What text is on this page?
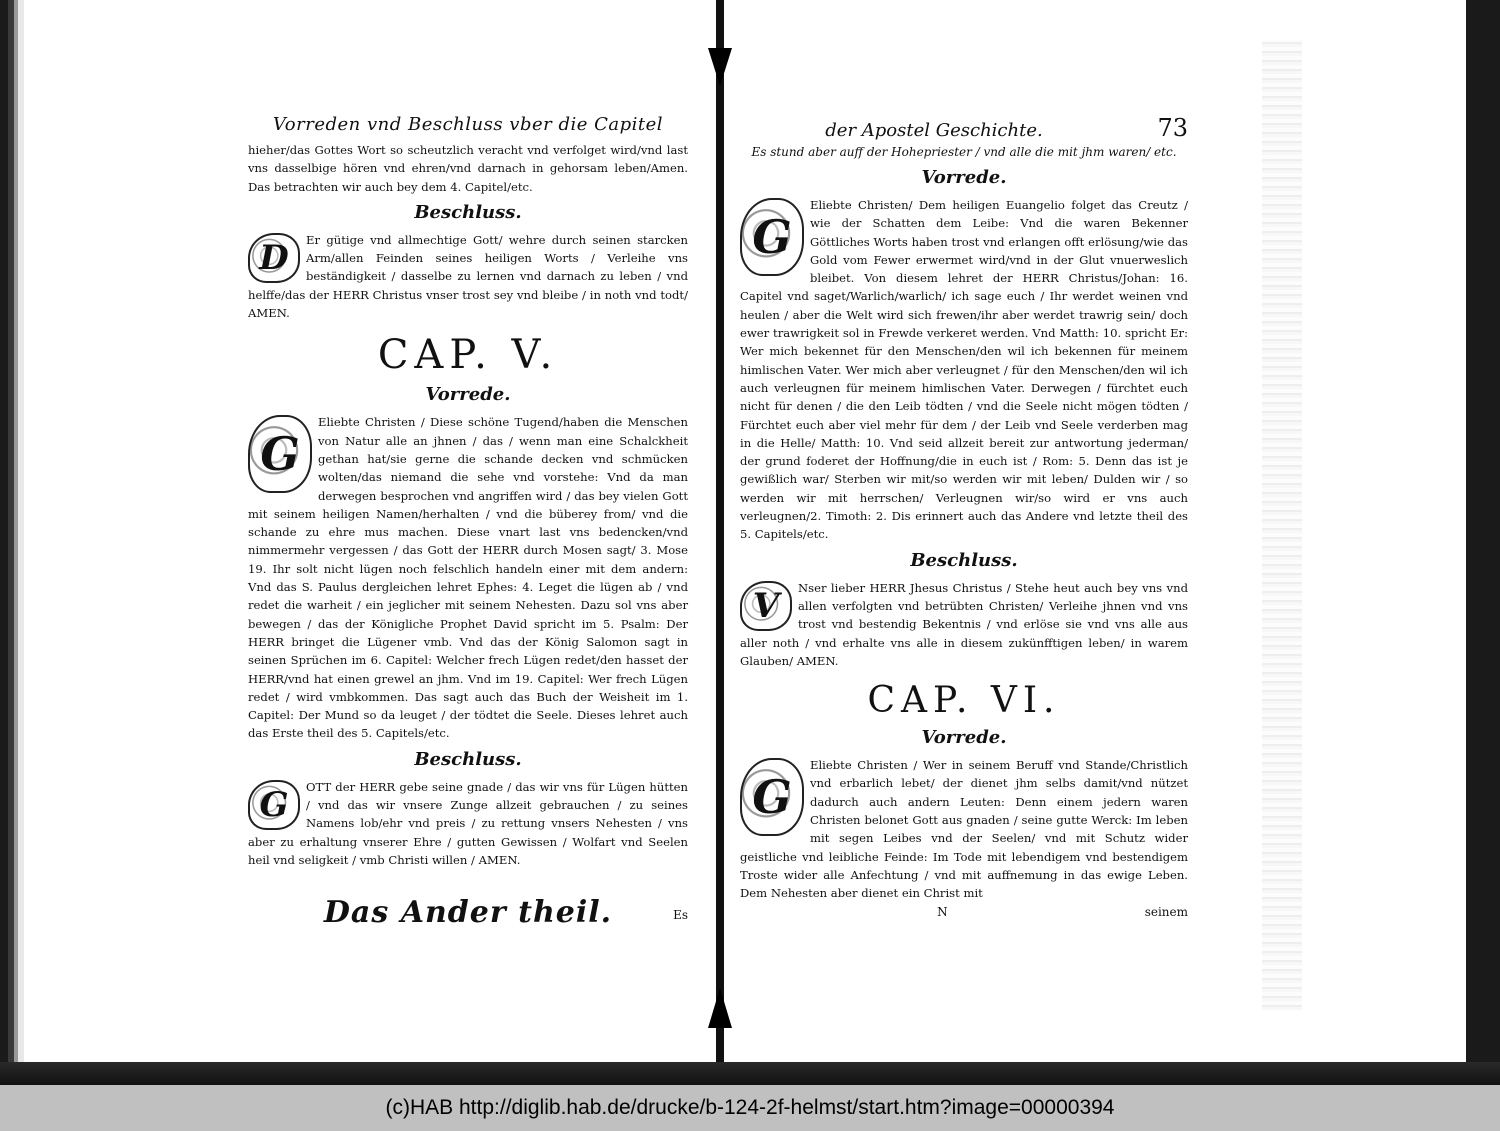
Vorreden vnd Beschluss vber die Capitel

hieher/das Gottes Wort so scheutzlich veracht vnd verfolget wird/vnd last vns dasselbige hören vnd ehren/vnd darnach in gehorsam leben/Amen. Das betrachten wir auch bey dem 4. Capitel/etc.

Beschluss.
D	Er gütige vnd allmechtige Gott/ wehre durch seinen starcken Arm/allen Feinden seines heiligen Worts / Verleihe vns beständigkeit / dasselbe zu lernen vnd darnach zu leben / vnd helffe/das der HERR Christus vnser trost sey vnd bleibe / in noth vnd todt/ AMEN.

CAP. V.
Vorrede.
G

Eliebte Christen / Diese schöne Tugend/haben die Menschen von Natur alle an jhnen / das / wenn man eine Schalckheit gethan hat/sie gerne die schande decken vnd schmücken wolten/das niemand die sehe vnd vorstehe: Vnd da man derwegen besprochen vnd angriffen wird / das bey vielen Gott mit seinem heiligen Namen/herhalten / vnd die büberey from/ vnd die schande zu ehre mus machen. Diese vnart last vns bedencken/vnd nimmermehr vergessen / das Gott der HERR durch Mosen sagt/ 3. Mose 19. Ihr solt nicht lügen noch felschlich handeln einer mit dem andern: Vnd das S. Paulus dergleichen lehret Ephes: 4. Leget die lügen ab / vnd redet die warheit / ein jeglicher mit seinem Nehesten. Dazu sol vns aber bewegen / das der Königliche Prophet David spricht im 5. Psalm: Der HERR bringet die Lügener vmb. Vnd das der König Salomon sagt in seinen Sprüchen im 6. Capitel: Welcher frech Lügen redet/den hasset der HERR/vnd hat einen grewel an jhm. Vnd im 19. Capitel: Wer frech Lügen redet / wird vmbkommen. Das sagt auch das Buch der Weisheit im 1. Capitel: Der Mund so da leuget / der tödtet die Seele. Dieses lehret auch das Erste theil des 5. Capitels/etc.

Beschluss.
G	OTT der HERR gebe seine gnade / das wir vns für Lügen hütten / vnd das wir vnsere Zunge allzeit gebrauchen / zu seines Namens lob/ehr vnd preis / zu rettung vnsers Nehesten / vns aber zu erhaltung vnserer Ehre / gutten Gewissen / Wolfart vnd Seelen heil vnd seligkeit / vmb Christi willen / AMEN.

Das Ander theil.	Es
der Apostel Geschichte.	73
Es stund aber auff der Hohepriester / vnd alle die mit jhm waren/ etc.
Vorrede.
G

Eliebte Christen/ Dem heiligen Euangelio folget das Creutz / wie der Schatten dem Leibe: Vnd die waren Bekenner Göttliches Worts haben trost vnd erlangen offt erlösung/wie das Gold vom Fewer erwermet wird/vnd in der Glut vnuerweslich bleibet. Von diesem lehret der HERR Christus/Johan: 16. Capitel vnd saget/Warlich/warlich/ ich sage euch / Ihr werdet weinen vnd heulen / aber die Welt wird sich frewen/ihr aber werdet trawrig sein/ doch ewer trawrigkeit sol in Frewde verkeret werden. Vnd Matth: 10. spricht Er: Wer mich bekennet für den Menschen/den wil ich bekennen für meinem himlischen Vater. Wer mich aber verleugnet / für den Menschen/den wil ich auch verleugnen für meinem himlischen Vater. Derwegen / fürchtet euch nicht für denen / die den Leib tödten / vnd die Seele nicht mögen tödten / Fürchtet euch aber viel mehr für dem / der Leib vnd Seele verderben mag in die Helle/ Matth: 10. Vnd seid allzeit bereit zur antwortung jederman/ der grund foderet der Hoffnung/die in euch ist / Rom: 5. Denn das ist je gewißlich war/ Sterben wir mit/so werden wir mit leben/ Dulden wir / so werden wir mit herrschen/ Verleugnen wir/so wird er vns auch verleugnen/2. Timoth: 2. Dis erinnert auch das Andere vnd letzte theil des 5. Capitels/etc.

Beschluss.
V	Nser lieber HERR Jhesus Christus / Stehe heut auch bey vns vnd allen verfolgten vnd betrübten Christen/ Verleihe jhnen vnd vns trost vnd bestendig Bekentnis / vnd erlöse sie vnd vns alle aus aller noth / vnd erhalte vns alle in diesem zukünfftigen leben/ in warem Glauben/ AMEN.

CAP. VI.
Vorrede.
G

Eliebte Christen / Wer in seinem Beruff vnd Stande/Christlich vnd erbarlich lebet/ der dienet jhm selbs damit/vnd nützet dadurch auch andern Leuten: Denn einem jedern waren Christen belonet Gott aus gnaden / seine gutte Werck: Im leben mit segen Leibes vnd der Seelen/ vnd mit Schutz wider geistliche vnd leibliche Feinde: Im Tode mit lebendigem vnd bestendigem Troste wider alle Anfechtung / vnd mit auffnemung in das ewige Leben. Dem Nehesten aber dienet ein Christ mit

N	seinem
(c)HAB http://diglib.hab.de/drucke/b-124-2f-helmst/start.htm?image=00000394
